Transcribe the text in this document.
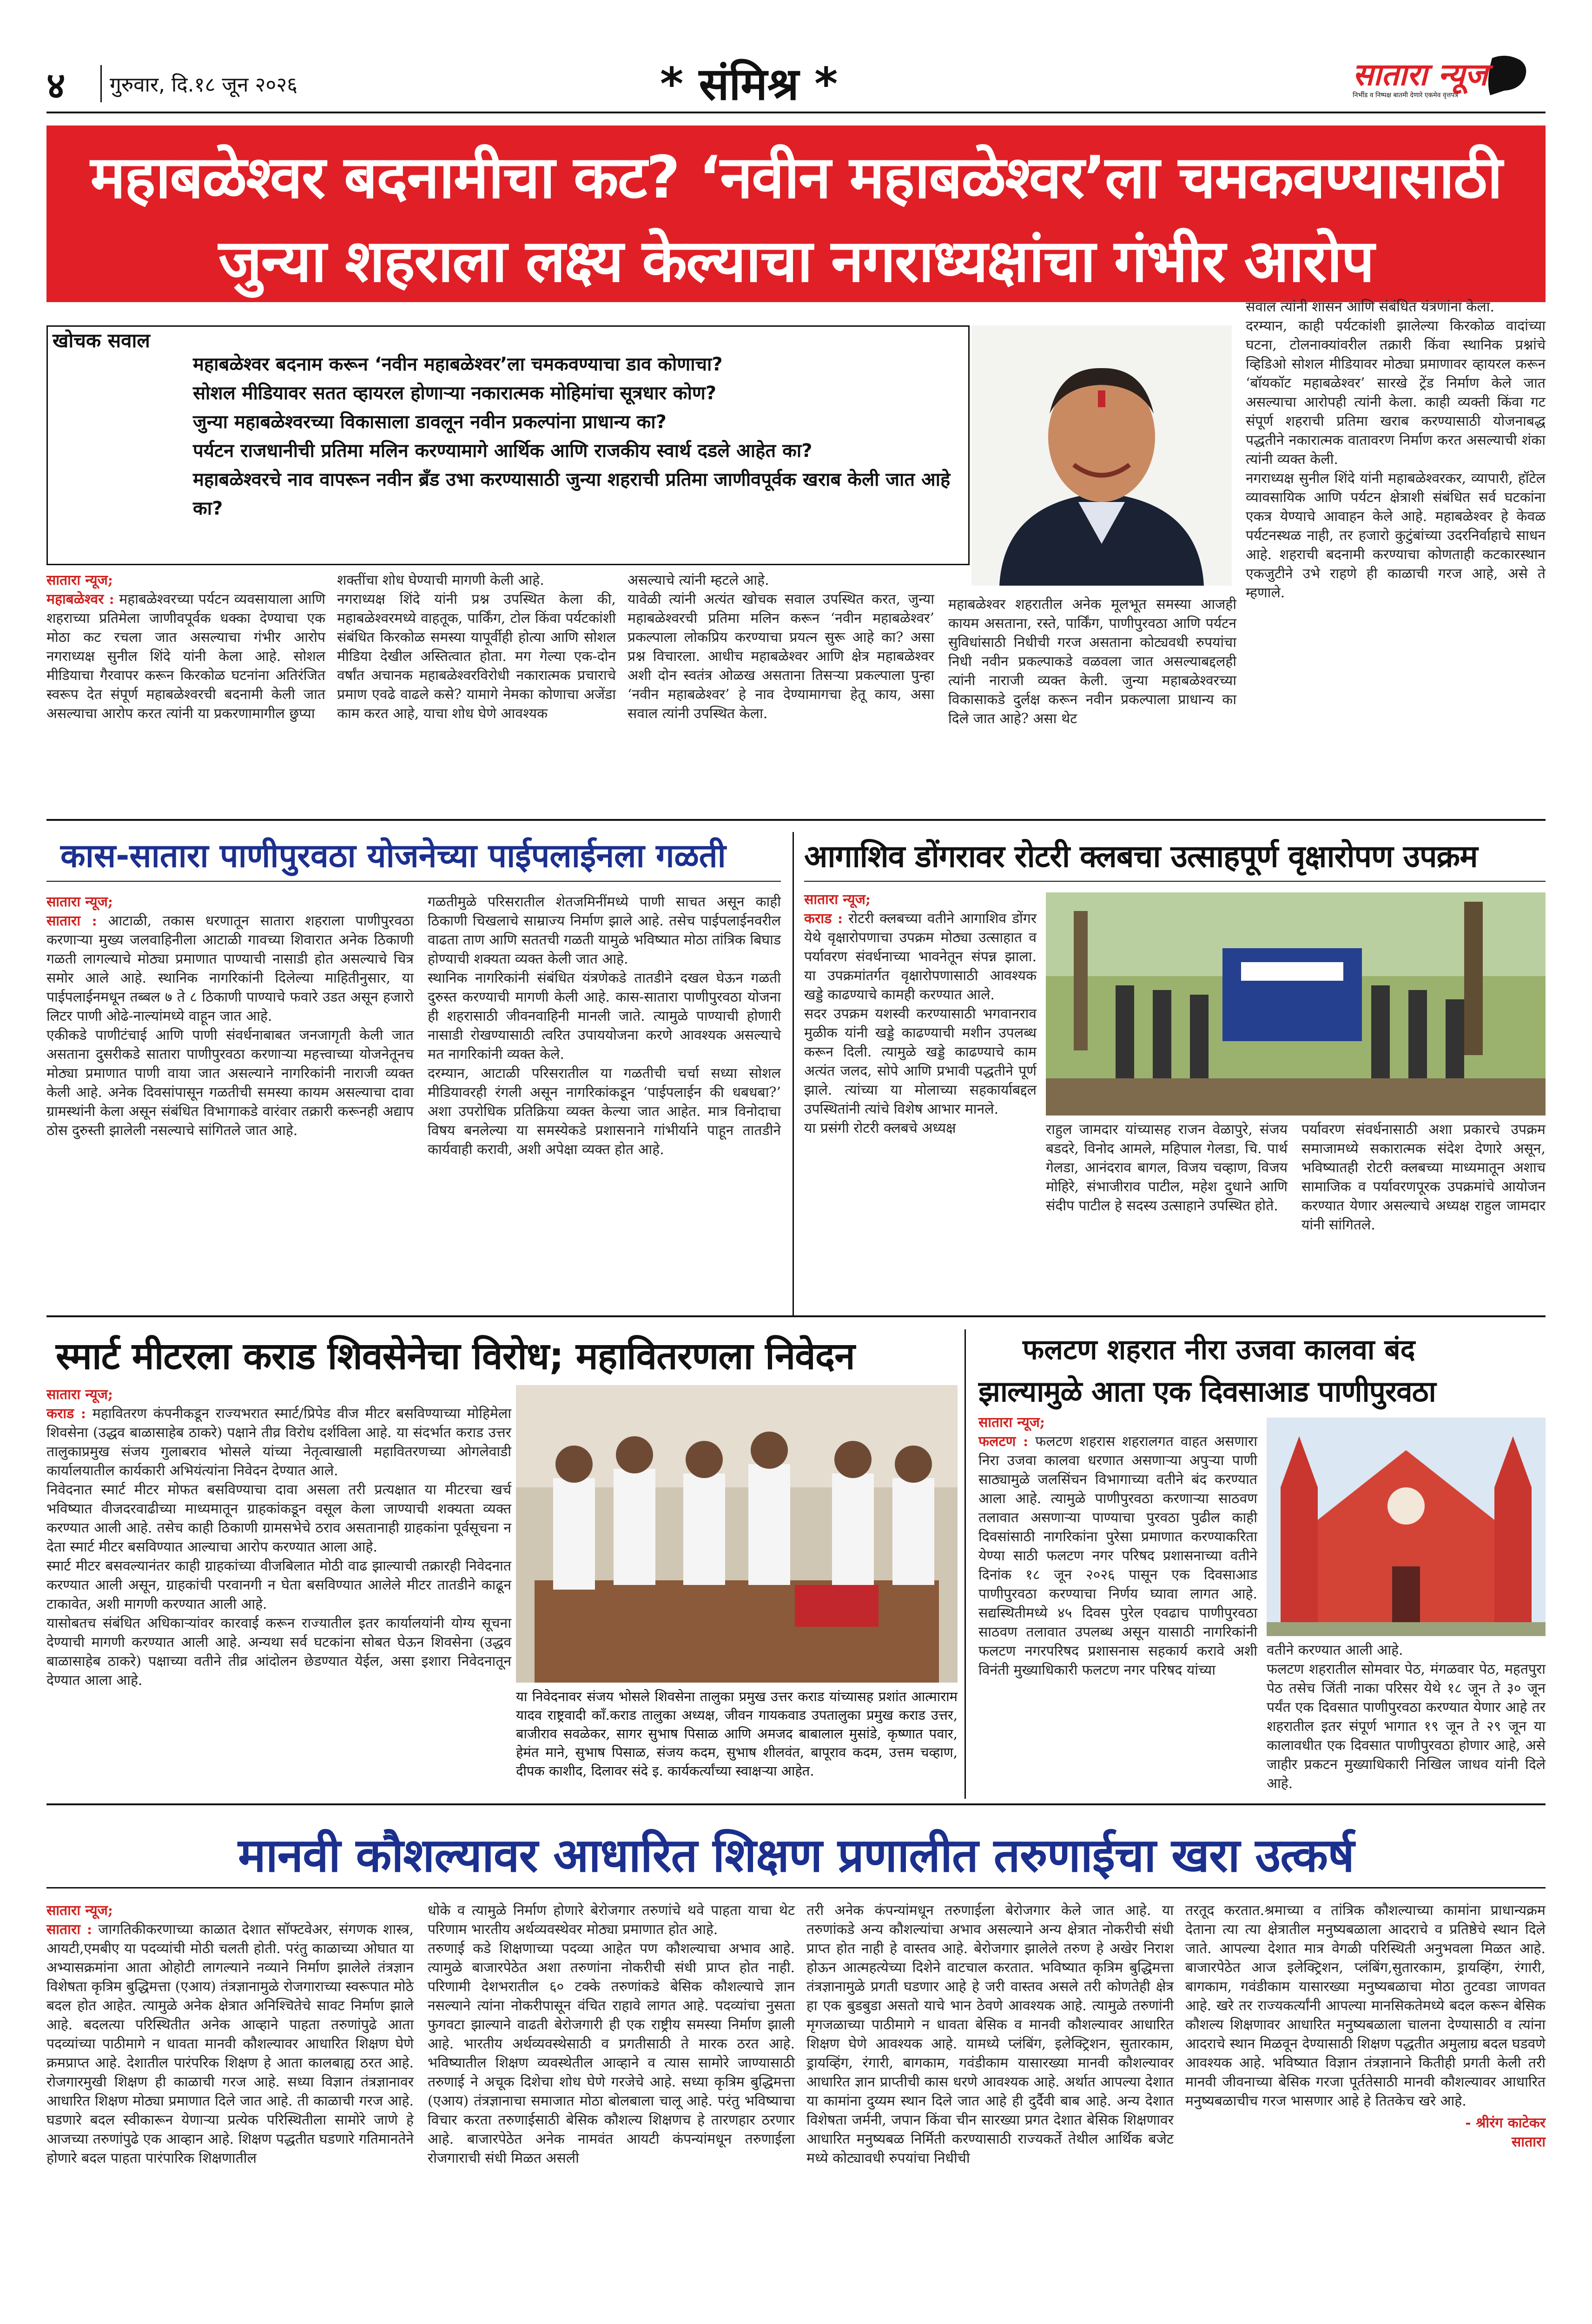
४ गुरुवार, दि.१८ जून २०२६	* संमिश्र *	सातारा न्यूज
निर्भीड व निष्पक्ष बातमी देणारे एकमेव वृत्तपत्र
महाबळेश्वर बदनामीचा कट? ‘नवीन महाबळेश्वर’ला चमकवण्यासाठी
जुन्या शहराला लक्ष्य केल्याचा नगराध्यक्षांचा गंभीर आरोप
खोचक सवाल
महाबळेश्वर बदनाम करून ‘नवीन महाबळेश्वर’ला चमकवण्याचा डाव कोणाचा?
सोशल मीडियावर सतत व्हायरल होणाऱ्या नकारात्मक मोहिमांचा सूत्रधार कोण?
जुन्या महाबळेश्वरच्या विकासाला डावलून नवीन प्रकल्पांना प्राधान्य का?
पर्यटन राजधानीची प्रतिमा मलिन करण्यामागे आर्थिक आणि राजकीय स्वार्थ दडले आहेत का?
महाबळेश्वरचे नाव वापरून नवीन ब्रँड उभा करण्यासाठी जुन्या शहराची प्रतिमा जाणीवपूर्वक खराब केली जात आहे का?
सातारा न्यूज;
महाबळेश्वर : महाबळेश्वरच्या पर्यटन व्यवसायाला आणि शहराच्या प्रतिमेला जाणीवपूर्वक धक्का देण्याचा एक मोठा कट रचला जात असल्याचा गंभीर आरोप नगराध्यक्ष सुनील शिंदे यांनी केला आहे. सोशल मीडियाचा गैरवापर करून किरकोळ घटनांना अतिरंजित स्वरूप देत संपूर्ण महाबळेश्वरची बदनामी केली जात असल्याचा आरोप करत त्यांनी या प्रकरणामागील छुप्या
शक्तींचा शोध घेण्याची मागणी केली आहे.
नगराध्यक्ष शिंदे यांनी प्रश्न उपस्थित केला की, महाबळेश्वरमध्ये वाहतूक, पार्किंग, टोल किंवा पर्यटकांशी संबंधित किरकोळ समस्या यापूर्वीही होत्या आणि सोशल मीडिया देखील अस्तित्वात होता. मग गेल्या एक-दोन वर्षांत अचानक महाबळेश्वरविरोधी नकारात्मक प्रचाराचे प्रमाण एवढे वाढले कसे? यामागे नेमका कोणाचा अजेंडा काम करत आहे, याचा शोध घेणे आवश्यक
असल्याचे त्यांनी म्हटले आहे.
यावेळी त्यांनी अत्यंत खोचक सवाल उपस्थित करत, जुन्या महाबळेश्वरची प्रतिमा मलिन करून ‘नवीन महाबळेश्वर’ प्रकल्पाला लोकप्रिय करण्याचा प्रयत्न सुरू आहे का? असा प्रश्न विचारला. आधीच महाबळेश्वर आणि क्षेत्र महाबळेश्वर अशी दोन स्वतंत्र ओळख असताना तिसऱ्या प्रकल्पाला पुन्हा ‘नवीन महाबळेश्वर’ हे नाव देण्यामागचा हेतू काय, असा सवाल त्यांनी उपस्थित केला.
महाबळेश्वर शहरातील अनेक मूलभूत समस्या आजही कायम असताना, रस्ते, पार्किंग, पाणीपुरवठा आणि पर्यटन सुविधांसाठी निधीची गरज असताना कोट्यवधी रुपयांचा निधी नवीन प्रकल्पाकडे वळवला जात असल्याबद्दलही त्यांनी नाराजी व्यक्त केली. जुन्या महाबळेश्वरच्या विकासाकडे दुर्लक्ष करून नवीन प्रकल्पाला प्राधान्य का दिले जात आहे? असा थेट
सवाल त्यांनी शासन आणि संबंधित यंत्रणांना केला.
दरम्यान, काही पर्यटकांशी झालेल्या किरकोळ वादांच्या घटना, टोलनाक्यांवरील तक्रारी किंवा स्थानिक प्रश्नांचे व्हिडिओ सोशल मीडियावर मोठ्या प्रमाणावर व्हायरल करून ‘बॉयकॉट महाबळेश्वर’ सारखे ट्रेंड निर्माण केले जात असल्याचा आरोपही त्यांनी केला. काही व्यक्ती किंवा गट संपूर्ण शहराची प्रतिमा खराब करण्यासाठी योजनाबद्ध पद्धतीने नकारात्मक वातावरण निर्माण करत असल्याची शंका त्यांनी व्यक्त केली.
नगराध्यक्ष सुनील शिंदे यांनी महाबळेश्वरकर, व्यापारी, हॉटेल व्यावसायिक आणि पर्यटन क्षेत्राशी संबंधित सर्व घटकांना एकत्र येण्याचे आवाहन केले आहे. महाबळेश्वर हे केवळ पर्यटनस्थळ नाही, तर हजारो कुटुंबांच्या उदरनिर्वाहाचे साधन आहे. शहराची बदनामी करण्याचा कोणताही कटकारस्थान एकजुटीने उभे राहणे ही काळाची गरज आहे, असे ते म्हणाले.
कास-सातारा पाणीपुरवठा योजनेच्या पाईपलाईनला गळती
सातारा न्यूज;
सातारा : आटाळी, तकास धरणातून सातारा शहराला पाणीपुरवठा करणाऱ्या मुख्य जलवाहिनीला आटाळी गावच्या शिवारात अनेक ठिकाणी गळती लागल्याचे मोठ्या प्रमाणात पाण्याची नासाडी होत असल्याचे चित्र समोर आले आहे. स्थानिक नागरिकांनी दिलेल्या माहितीनुसार, या पाईपलाईनमधून तब्बल ७ ते ८ ठिकाणी पाण्याचे फवारे उडत असून हजारो लिटर पाणी ओढे-नाल्यांमध्ये वाहून जात आहे.
एकीकडे पाणीटंचाई आणि पाणी संवर्धनाबाबत जनजागृती केली जात असताना दुसरीकडे सातारा पाणीपुरवठा करणाऱ्या महत्त्वाच्या योजनेतूनच मोठ्या प्रमाणात पाणी वाया जात असल्याने नागरिकांनी नाराजी व्यक्त केली आहे. अनेक दिवसांपासून गळतीची समस्या कायम असल्याचा दावा ग्रामस्थांनी केला असून संबंधित विभागाकडे वारंवार तक्रारी करूनही अद्याप ठोस दुरुस्ती झालेली नसल्याचे सांगितले जात आहे.
गळतीमुळे परिसरातील शेतजमिनींमध्ये पाणी साचत असून काही ठिकाणी चिखलाचे साम्राज्य निर्माण झाले आहे. तसेच पाईपलाईनवरील वाढता ताण आणि सततची गळती यामुळे भविष्यात मोठा तांत्रिक बिघाड होण्याची शक्यता व्यक्त केली जात आहे.
स्थानिक नागरिकांनी संबंधित यंत्रणेकडे तातडीने दखल घेऊन गळती दुरुस्त करण्याची मागणी केली आहे. कास-सातारा पाणीपुरवठा योजना ही शहरासाठी जीवनवाहिनी मानली जाते. त्यामुळे पाण्याची होणारी नासाडी रोखण्यासाठी त्वरित उपाययोजना करणे आवश्यक असल्याचे मत नागरिकांनी व्यक्त केले.
दरम्यान, आटाळी परिसरातील या गळतीची चर्चा सध्या सोशल मीडियावरही रंगली असून नागरिकांकडून ‘पाईपलाईन की धबधबा?’ अशा उपरोधिक प्रतिक्रिया व्यक्त केल्या जात आहेत. मात्र विनोदाचा विषय बनलेल्या या समस्येकडे प्रशासनाने गांभीर्याने पाहून तातडीने कार्यवाही करावी, अशी अपेक्षा व्यक्त होत आहे.
आगाशिव डोंगरावर रोटरी क्लबचा उत्साहपूर्ण वृक्षारोपण उपक्रम
सातारा न्यूज;
कराड : रोटरी क्लबच्या वतीने आगाशिव डोंगर येथे वृक्षारोपणाचा उपक्रम मोठ्या उत्साहात व पर्यावरण संवर्धनाच्या भावनेतून संपन्न झाला. या उपक्रमांतर्गत वृक्षारोपणासाठी आवश्यक खड्डे काढण्याचे कामही करण्यात आले.
सदर उपक्रम यशस्वी करण्यासाठी भगवानराव मुळीक यांनी खड्डे काढण्याची मशीन उपलब्ध करून दिली. त्यामुळे खड्डे काढण्याचे काम अत्यंत जलद, सोपे आणि प्रभावी पद्धतीने पूर्ण झाले. त्यांच्या या मोलाच्या सहकार्याबद्दल उपस्थितांनी त्यांचे विशेष आभार मानले.
या प्रसंगी रोटरी क्लबचे अध्यक्ष	राहुल जामदार यांच्यासह राजन वेळापुरे, संजय बडदरे, विनोद आमले, महिपाल गेलडा, चि. पार्थ गेलडा, आनंदराव बागल, विजय चव्हाण, विजय मोहिरे, संभाजीराव पाटील, महेश दुधाने आणि संदीप पाटील हे सदस्य उत्साहाने उपस्थित होते.
पर्यावरण संवर्धनासाठी अशा प्रकारचे उपक्रम समाजामध्ये सकारात्मक संदेश देणारे असून, भविष्यातही रोटरी क्लबच्या माध्यमातून अशाच सामाजिक व पर्यावरणपूरक उपक्रमांचे आयोजन करण्यात येणार असल्याचे अध्यक्ष राहुल जामदार यांनी सांगितले.
स्मार्ट मीटरला कराड शिवसेनेचा विरोध; महावितरणला निवेदन
सातारा न्यूज;
कराड : महावितरण कंपनीकडून राज्यभरात स्मार्ट/प्रिपेड वीज मीटर बसविण्याच्या मोहिमेला शिवसेना (उद्धव बाळासाहेब ठाकरे) पक्षाने तीव्र विरोध दर्शविला आहे. या संदर्भात कराड उत्तर तालुकाप्रमुख संजय गुलाबराव भोसले यांच्या नेतृत्वाखाली महावितरणच्या ओगलेवाडी कार्यालयातील कार्यकारी अभियंत्यांना निवेदन देण्यात आले.
निवेदनात स्मार्ट मीटर मोफत बसविण्याचा दावा असला तरी प्रत्यक्षात या मीटरचा खर्च भविष्यात वीजदरवाढीच्या माध्यमातून ग्राहकांकडून वसूल केला जाण्याची शक्यता व्यक्त करण्यात आली आहे. तसेच काही ठिकाणी ग्रामसभेचे ठराव असतानाही ग्राहकांना पूर्वसूचना न देता स्मार्ट मीटर बसविण्यात आल्याचा आरोप करण्यात आला आहे.
स्मार्ट मीटर बसवल्यानंतर काही ग्राहकांच्या वीजबिलात मोठी वाढ झाल्याची तक्रारही निवेदनात करण्यात आली असून, ग्राहकांची परवानगी न घेता बसविण्यात आलेले मीटर तातडीने काढून टाकावेत, अशी मागणी करण्यात आली आहे.
यासोबतच संबंधित अधिकाऱ्यांवर कारवाई करून राज्यातील इतर कार्यालयांनी योग्य सूचना देण्याची मागणी करण्यात आली आहे. अन्यथा सर्व घटकांना सोबत घेऊन शिवसेना (उद्धव बाळासाहेब ठाकरे) पक्षाच्या वतीने तीव्र आंदोलन छेडण्यात येईल, असा इशारा निवेदनातून देण्यात आला आहे.
या निवेदनावर संजय भोसले शिवसेना तालुका प्रमुख उत्तर कराड यांच्यासह प्रशांत आत्माराम यादव राष्ट्रवादी कॉं.कराड तालुका अध्यक्ष, जीवन गायकवाड उपतालुका प्रमुख कराड उत्तर, बाजीराव सवळेकर, सागर सुभाष पिसाळ आणि अमजद बाबालाल मुसांडे, कृष्णात पवार, हेमंत माने, सुभाष पिसाळ, संजय कदम, सुभाष शीलवंत, बापूराव कदम, उत्तम चव्हाण, दीपक काशीद, दिलावर संदे इ. कार्यकर्त्यांच्या स्वाक्षऱ्या आहेत.
फलटण शहरात नीरा उजवा कालवा बंद
झाल्यामुळे आता एक दिवसाआड पाणीपुरवठा
सातारा न्यूज;
फलटण : फलटण शहरास शहरालगत वाहत असणारा निरा उजवा कालवा धरणात असणाऱ्या अपुऱ्या पाणी साठ्यामुळे जलसिंचन विभागाच्या वतीने बंद करण्यात आला आहे. त्यामुळे पाणीपुरवठा करणाऱ्या साठवण तलावात असणाऱ्या पाण्याचा पुरवठा पुढील काही दिवसांसाठी नागरिकांना पुरेसा प्रमाणात करण्याकरिता येण्या साठी फलटण नगर परिषद प्रशासनाच्या वतीने दिनांक १८ जून २०२६ पासून एक दिवसाआड पाणीपुरवठा करण्याचा निर्णय घ्यावा लागत आहे. सद्यस्थितीमध्ये ४५ दिवस पुरेल एवढाच पाणीपुरवठा साठवण तलावात उपलब्ध असून यासाठी नागरिकांनी फलटण नगरपरिषद प्रशासनास सहकार्य करावे अशी विनंती मुख्याधिकारी फलटण नगर परिषद यांच्या
वतीने करण्यात आली आहे.
फलटण शहरातील सोमवार पेठ, मंगळवार पेठ, महतपुरा पेठ तसेच जिंती नाका परिसर येथे १८ जून ते ३० जून पर्यंत एक दिवसात पाणीपुरवठा करण्यात येणार आहे तर शहरातील इतर संपूर्ण भागात १९ जून ते २९ जून या कालावधीत एक दिवसात पाणीपुरवठा होणार आहे, असे जाहीर प्रकटन मुख्याधिकारी निखिल जाधव यांनी दिले आहे.
मानवी कौशल्यावर आधारित शिक्षण प्रणालीत तरुणाईचा खरा उत्कर्ष
सातारा न्यूज;
सातारा : जागतिकीकरणाच्या काळात देशात सॉफ्टवेअर, संगणक शास्त्र, आयटी,एमबीए या पदव्यांची मोठी चलती होती. परंतु काळाच्या ओघात या अभ्यासक्रमांना आता ओहोटी लागल्याने नव्याने निर्माण झालेले तंत्रज्ञान विशेषता कृत्रिम बुद्धिमत्ता (एआय) तंत्रज्ञानामुळे रोजगाराच्या स्वरूपात मोठे बदल होत आहेत. त्यामुळे अनेक क्षेत्रात अनिश्चितेचे सावट निर्माण झाले आहे. बदलत्या परिस्थितीत अनेक आव्हाने पाहता तरुणांपुढे आता पदव्यांच्या पाठीमागे न धावता मानवी कौशल्यावर आधारित शिक्षण घेणे क्रमप्राप्त आहे. देशातील पारंपरिक शिक्षण हे आता कालबाह्य ठरत आहे. रोजगारमुखी शिक्षण ही काळाची गरज आहे. सध्या विज्ञान तंत्रज्ञानावर आधारित शिक्षण मोठ्या प्रमाणात दिले जात आहे. ती काळाची गरज आहे. घडणारे बदल स्वीकारून येणाऱ्या प्रत्येक परिस्थितीला सामोरे जाणे हे आजच्या तरुणांपुढे एक आव्हान आहे. शिक्षण पद्धतीत घडणारे गतिमानतेने होणारे बदल पाहता पारंपारिक शिक्षणातील
धोके व त्यामुळे निर्माण होणारे बेरोजगार तरुणांचे थवे पाहता याचा थेट परिणाम भारतीय अर्थव्यवस्थेवर मोठ्या प्रमाणात होत आहे.
तरुणाई कडे शिक्षणाच्या पदव्या आहेत पण कौशल्याचा अभाव आहे. त्यामुळे बाजारपेठेत अशा तरुणांना नोकरीची संधी प्राप्त होत नाही. परिणामी देशभरातील ६० टक्के तरुणांकडे बेसिक कौशल्याचे ज्ञान नसल्याने त्यांना नोकरीपासून वंचित राहावे लागत आहे. पदव्यांचा नुसता फुगवटा झाल्याने वाढती बेरोजगारी ही एक राष्ट्रीय समस्या निर्माण झाली आहे. भारतीय अर्थव्यवस्थेसाठी व प्रगतीसाठी ते मारक ठरत आहे. भविष्यातील शिक्षण व्यवस्थेतील आव्हाने व त्यास सामोरे जाण्यासाठी तरुणाई ने अचूक दिशेचा शोध घेणे गरजेचे आहे. सध्या कृत्रिम बुद्धिमत्ता (एआय) तंत्रज्ञानाचा समाजात मोठा बोलबाला चालू आहे. परंतु भविष्याचा विचार करता तरुणाईसाठी बेसिक कौशल्य शिक्षणच हे तारणहार ठरणार आहे. बाजारपेठेत अनेक नामवंत आयटी कंपन्यांमधून तरुणाईला रोजगाराची संधी मिळत असली
तरी अनेक कंपन्यांमधून तरुणाईला बेरोजगार केले जात आहे. या तरुणांकडे अन्य कौशल्यांचा अभाव असल्याने अन्य क्षेत्रात नोकरीची संधी प्राप्त होत नाही हे वास्तव आहे. बेरोजगार झालेले तरुण हे अखेर निराश होऊन आत्महत्येच्या दिशेने वाटचाल करतात. भविष्यात कृत्रिम बुद्धिमत्ता तंत्रज्ञानामुळे प्रगती घडणार आहे हे जरी वास्तव असले तरी कोणतेही क्षेत्र हा एक बुडबुडा असतो याचे भान ठेवणे आवश्यक आहे. त्यामुळे तरुणांनी मृगजळाच्या पाठीमागे न धावता बेसिक व मानवी कौशल्यावर आधारित शिक्षण घेणे आवश्यक आहे. यामध्ये प्लंबिंग, इलेक्ट्रिशन, सुतारकाम, ड्रायव्हिंग, रंगारी, बागकाम, गवंडीकाम यासारख्या मानवी कौशल्यावर आधारित ज्ञान प्राप्तीची कास धरणे आवश्यक आहे. अर्थात आपल्या देशात या कामांना दुय्यम स्थान दिले जात आहे ही दुर्दैवी बाब आहे. अन्य देशात विशेषता जर्मनी, जपान किंवा चीन सारख्या प्रगत देशात बेसिक शिक्षणावर आधारित मनुष्यबळ निर्मिती करण्यासाठी राज्यकर्ते तेथील आर्थिक बजेट मध्ये कोट्यावधी रुपयांचा निधीची
तरतूद करतात.श्रमाच्या व तांत्रिक कौशल्याच्या कामांना प्राधान्यक्रम देताना त्या त्या क्षेत्रातील मनुष्यबळाला आदराचे व प्रतिष्ठेचे स्थान दिले जाते. आपल्या देशात मात्र वेगळी परिस्थिती अनुभवला मिळत आहे. बाजारपेठेत आज इलेक्ट्रिशन, प्लंबिंग,सुतारकाम, ड्रायव्हिंग, रंगारी, बागकाम, गवंडीकाम यासारख्या मनुष्यबळाचा मोठा तुटवडा जाणवत आहे. खरे तर राज्यकर्त्यांनी आपल्या मानसिकतेमध्ये बदल करून बेसिक कौशल्य शिक्षणावर आधारित मनुष्यबळाला चालना देण्यासाठी व त्यांना आदराचे स्थान मिळवून देण्यासाठी शिक्षण पद्धतीत अमुलाग्र बदल घडवणे आवश्यक आहे. भविष्यात विज्ञान तंत्रज्ञानाने कितीही प्रगती केली तरी मानवी जीवनाच्या बेसिक गरजा पूर्ततेसाठी मानवी कौशल्यावर आधारित मनुष्यबळाचीच गरज भासणार आहे हे तितकेच खरे आहे.
- श्रीरंग काटेकर
सातारा
